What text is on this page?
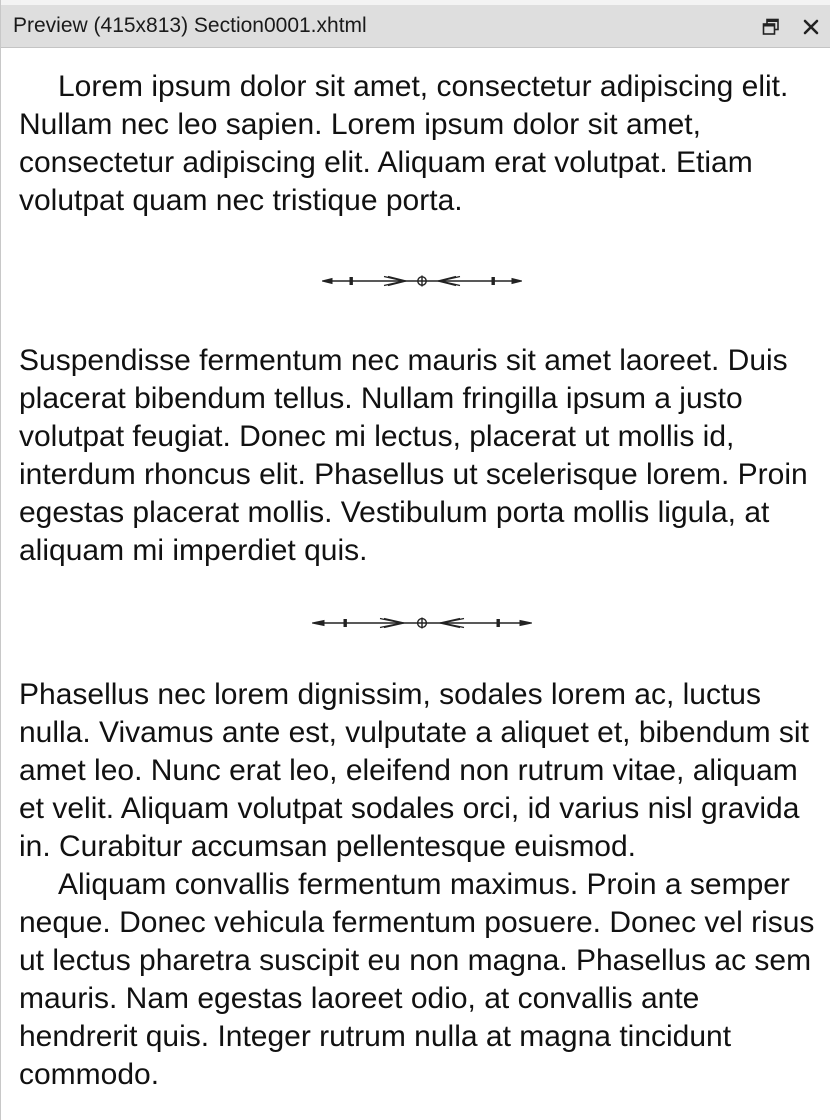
Preview (415x813) Section0001.xhtml

Lorem ipsum dolor sit amet, consectetur adipiscing elit. Nullam nec leo sapien. Lorem ipsum dolor sit amet, consectetur adipiscing elit. Aliquam erat volutpat. Etiam volutpat quam nec tristique porta.

Suspendisse fermentum nec mauris sit amet laoreet. Duis placerat bibendum tellus. Nullam fringilla ipsum a justo volutpat feugiat. Donec mi lectus, placerat ut mollis id, interdum rhoncus elit. Phasellus ut scelerisque lorem. Proin egestas placerat mollis. Vestibulum porta mollis ligula, at aliquam mi imperdiet quis.

Phasellus nec lorem dignissim, sodales lorem ac, luctus nulla. Vivamus ante est, vulputate a aliquet et, bibendum sit amet leo. Nunc erat leo, eleifend non rutrum vitae, aliquam et velit. Aliquam volutpat sodales orci, id varius nisl gravida in. Curabitur accumsan pellentesque euismod.

Aliquam convallis fermentum maximus. Proin a semper neque. Donec vehicula fermentum posuere. Donec vel risus ut lectus pharetra suscipit eu non magna. Phasellus ac sem mauris. Nam egestas laoreet odio, at convallis ante hendrerit quis. Integer rutrum nulla at magna tincidunt commodo.
